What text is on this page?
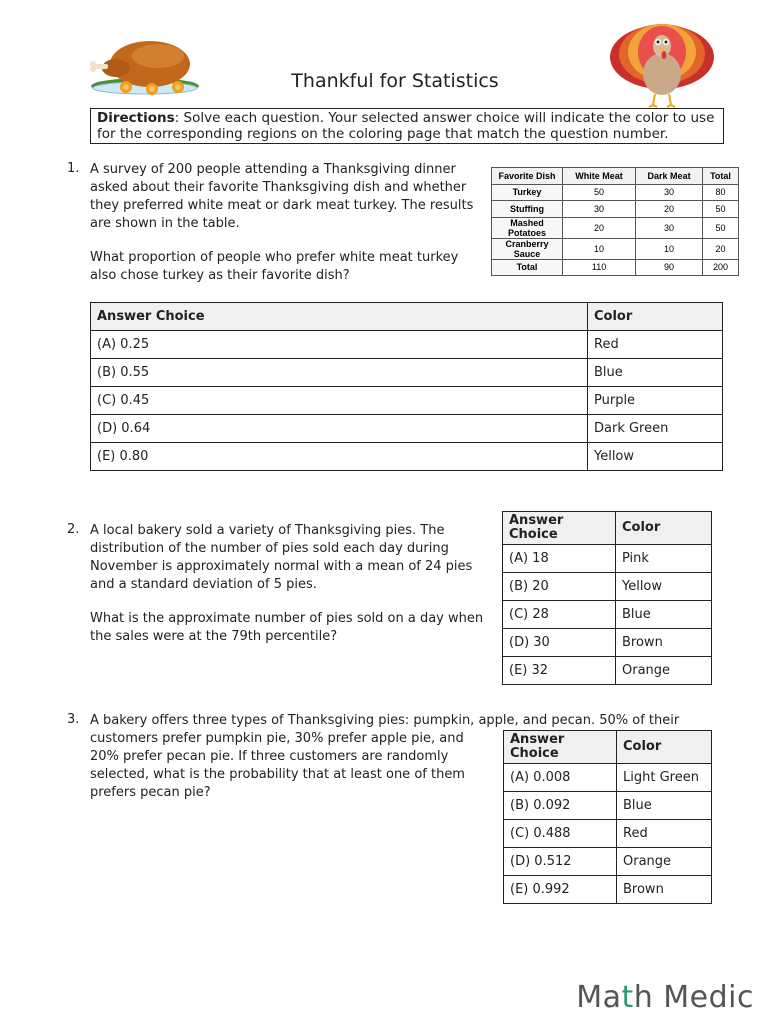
Thankful for Statistics
Directions: Solve each question. Your selected answer choice will indicate the color to use for the corresponding regions on the coloring page that match the question number.
1. A survey of 200 people attending a Thanksgiving dinner asked about their favorite Thanksgiving dish and whether they preferred white meat or dark meat turkey. The results are shown in the table.

What proportion of people who prefer white meat turkey also chose turkey as their favorite dish?

Favorite Dish	White Meat	Dark Meat	Total
Turkey	50	30	80
Stuffing	30	20	50
Mashed Potatoes	20	30	50
Cranberry Sauce	10	10	20
Total	110	90	200
Answer Choice	Color
(A) 0.25	Red
(B) 0.55	Blue
(C) 0.45	Purple
(D) 0.64	Dark Green
(E) 0.80	Yellow
2. A local bakery sold a variety of Thanksgiving pies. The distribution of the number of pies sold each day during November is approximately normal with a mean of 24 pies and a standard deviation of 5 pies.

What is the approximate number of pies sold on a day when the sales were at the 79th percentile?

Answer
Choice	Color
(A) 18	Pink
(B) 20	Yellow
(C) 28	Blue
(D) 30	Brown
(E) 32	Orange
3. A bakery offers three types of Thanksgiving pies: pumpkin, apple, and pecan. 50% of their
customers prefer pumpkin pie, 30% prefer apple pie, and 20% prefer pecan pie. If three customers are randomly selected, what is the probability that at least one of them prefers pecan pie?
Answer
Choice	Color
(A) 0.008	Light Green
(B) 0.092	Blue
(C) 0.488	Red
(D) 0.512	Orange
(E) 0.992	Brown
Math Medic
